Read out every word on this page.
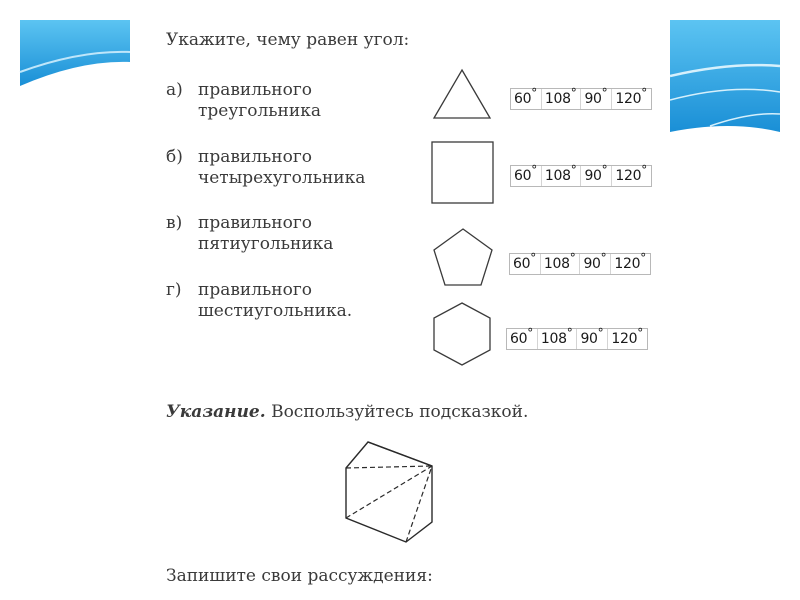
Укажите, чему равен угол:
а) правильного
треугольника
60 ° 108 ° 90 ° 120 °
б) правильного
четырехугольника	60 ° 108 ° 90 ° 120 °
в) правильного
пятиугольника
60 ° 108 ° 90 ° 120 °
г) правильного
шестиугольника.
60 ° 108 ° 90 ° 120 °
Указание. Воспользуйтесь подсказкой.
Запишите свои рассуждения:
